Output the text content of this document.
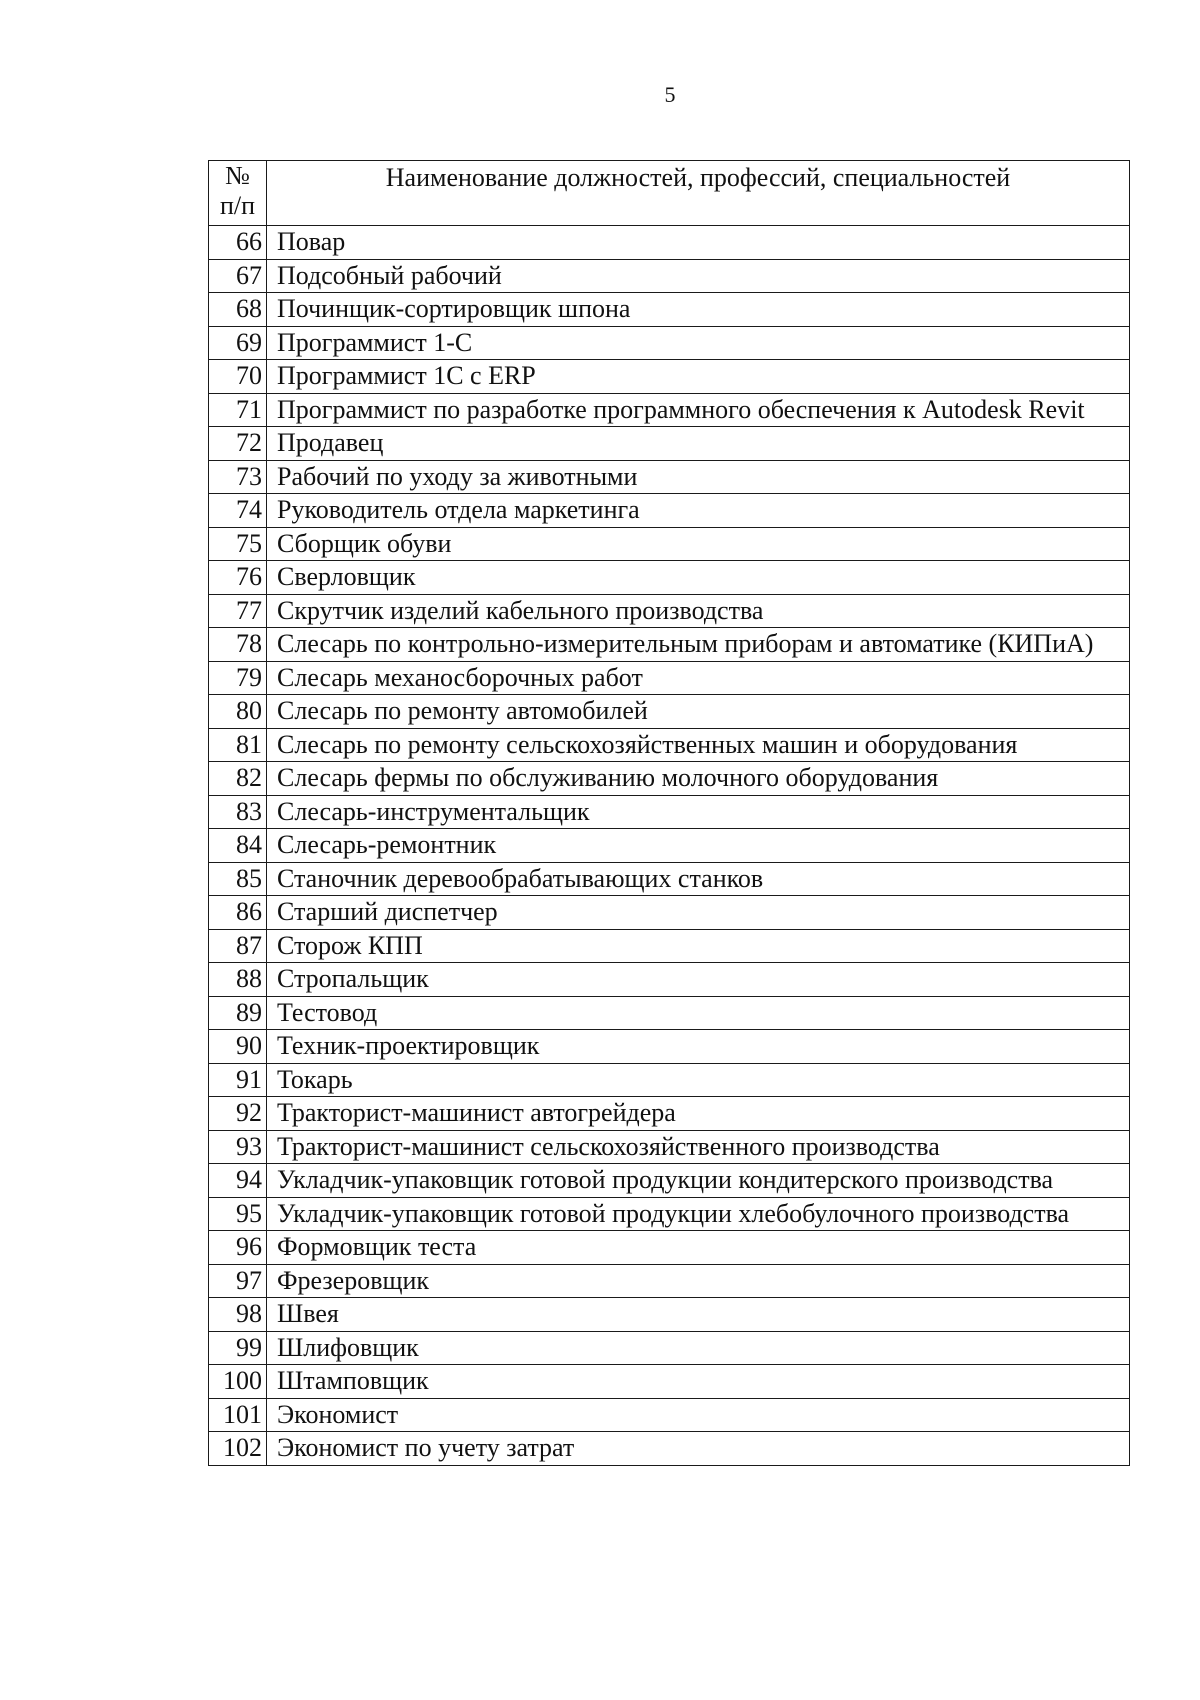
5
№
п/п	Наименование должностей, профессий, специальностей
66	Повар
67	Подсобный рабочий
68	Починщик-сортировщик шпона
69	Программист 1-С
70	Программист 1С с ERP
71	Программист по разработке программного обеспечения к Autodesk Revit
72	Продавец
73	Рабочий по уходу за животными
74	Руководитель отдела маркетинга
75	Сборщик обуви
76	Сверловщик
77	Скрутчик изделий кабельного производства
78	Слесарь по контрольно-измерительным приборам и автоматике (КИПиА)
79	Слесарь механосборочных работ
80	Слесарь по ремонту автомобилей
81	Слесарь по ремонту сельскохозяйственных машин и оборудования
82	Слесарь фермы по обслуживанию молочного оборудования
83	Слесарь-инструментальщик
84	Слесарь-ремонтник
85	Станочник деревообрабатывающих станков
86	Старший диспетчер
87	Сторож КПП
88	Стропальщик
89	Тестовод
90	Техник-проектировщик
91	Токарь
92	Тракторист-машинист автогрейдера
93	Тракторист-машинист сельскохозяйственного производства
94	Укладчик-упаковщик готовой продукции кондитерского производства
95	Укладчик-упаковщик готовой продукции хлебобулочного производства
96	Формовщик теста
97	Фрезеровщик
98	Швея
99	Шлифовщик
100	Штамповщик
101	Экономист
102	Экономист по учету затрат
